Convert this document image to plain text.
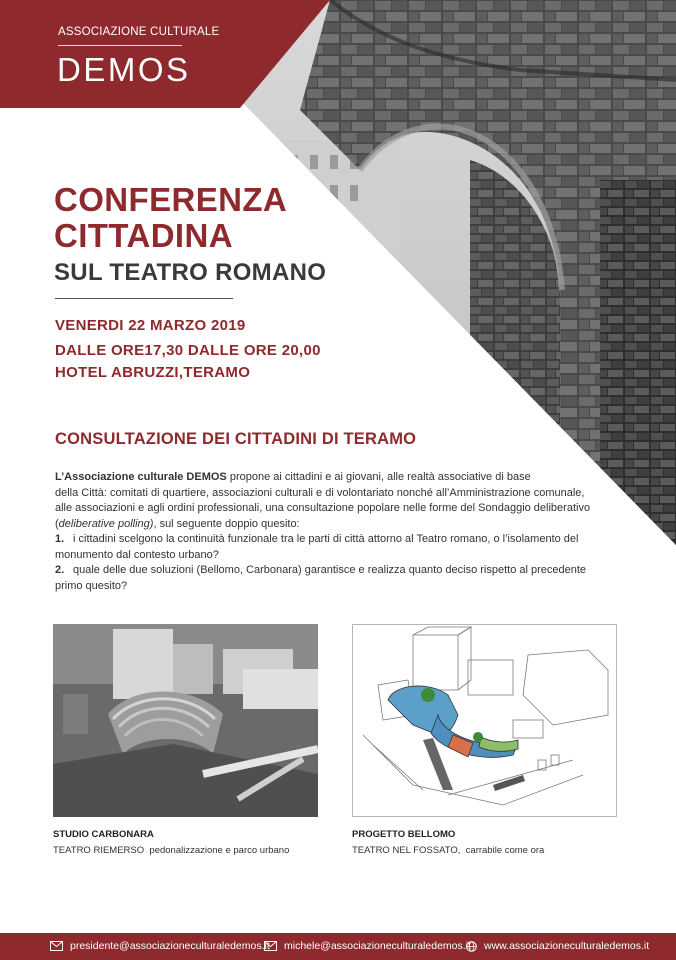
ASSOCIAZIONE CULTURALE
DEMOS
CONFERENZA
CITTADINA
SUL TEATRO ROMANO
VENERDI 22 MARZO 2019
DALLE ORE17,30 DALLE ORE 20,00
HOTEL ABRUZZI,TERAMO
CONSULTAZIONE DEI CITTADINI DI TERAMO

L’Associazione culturale DEMOS propone ai cittadini e ai giovani, alle realtà associative di base

della Città: comitati di quartiere, associazioni culturali e di volontariato nonché all’Amministrazione comunale,

alle associazioni e agli ordini professionali, una consultazione popolare nelle forme del Sondaggio deliberativo

(deliberative polling), sul seguente doppio quesito:

1. i cittadini scelgono la continuità funzionale tra le parti di città attorno al Teatro romano, o l’isolamento del

monumento dal contesto urbano?

2. quale delle due soluzioni (Bellomo, Carbonara) garantisce e realizza quanto deciso rispetto al precedente

primo quesito?

STUDIO CARBONARA
TEATRO RIEMERSO  pedonalizzazione e parco urbano
PROGETTO BELLOMO
TEATRO NEL FOSSATO,  carrabile come ora
presidente@associazioneculturaledemos.it michele@associazioneculturaledemos.it www.associazioneculturaledemos.it
